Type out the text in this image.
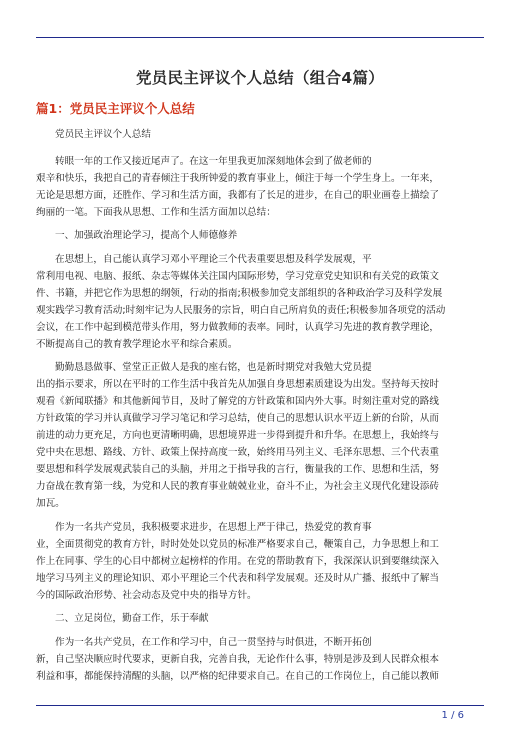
党员民主评议个人总结（组合4篇）
篇1：党员民主评议个人总结
党员民主评议个人总结
转眼一年的工作又接近尾声了。在这一年里我更加深刻地体会到了做老师的
艰辛和快乐，我把自己的青春倾注于我所钟爱的教育事业上，倾注于每一个学生身上。一年来，
无论是思想方面，还胜作、学习和生活方面，我都有了长足的进步，在自己的职业画卷上描绘了
绚丽的一笔。下面我从思想、工作和生活方面加以总结：
一、加强政治理论学习，提高个人师德修养
在思想上，自己能认真学习邓小平理论三个代表重要思想及科学发展观，平
常利用电视、电脑、报纸、杂志等媒体关注国内国际形势，学习党章党史知识和有关党的政策文
件、书籍，并把它作为思想的纲领，行动的指南;积极参加党支部组织的各种政治学习及科学发展
观实践学习教育活动;时刻牢记为人民服务的宗旨，明白自己所肩负的责任;积极参加各项党的活动
会议，在工作中起到模范带头作用，努力做教师的表率。同时，认真学习先进的教育教学理论，
不断提高自己的教育教学理论水平和综合素质。
勤勤恳恳做事、堂堂正正做人是我的座右铭，也是新时期党对我勉大党员提
出的指示要求，所以在平时的工作生活中我首先从加强自身思想素质建设为出发。坚持每天按时
观看《新闻联播》和其他新闻节目，及时了解党的方针政策和国内外大事。时刻注重对党的路线
方针政策的学习并认真做学习学习笔记和学习总结，使自己的思想认识水平迈上新的台阶，从而
前进的动力更充足，方向也更清晰明确，思想境界进一步得到提升和升华。在思想上，我始终与
党中央在思想、路线、方针、政策上保持高度一致，始终用马列主义、毛泽东思想、三个代表重
要思想和科学发展观武装自己的头脑，并用之于指导我的言行，衡量我的工作、思想和生活，努
力奋战在教育第一线，为党和人民的教育事业兢兢业业，奋斗不止，为社会主义现代化建设添砖
加瓦。
作为一名共产党员，我积极要求进步，在思想上严于律己，热爱党的教育事
业，全面贯彻党的教育方针，时时处处以党员的标准严格要求自己，鞭策自己，力争思想上和工
作上在同事、学生的心目中都树立起榜样的作用。在党的帮助教育下，我深深认识到要继续深入
地学习马列主义的理论知识、邓小平理论三个代表和科学发展观。还及时从广播、报纸中了解当
今的国际政治形势、社会动态及党中央的指导方针。
二、立足岗位，勤奋工作，乐于奉献
作为一名共产党员，在工作和学习中，自己一贯坚持与时俱进，不断开拓创
新，自己坚决顺应时代要求，更新自我，完善自我，无论作什么事，特别是涉及到人民群众根本
利益和事，都能保持清醒的头脑，以严格的纪律要求自己。在自己的工作岗位上，自己能以教师
1 / 6
